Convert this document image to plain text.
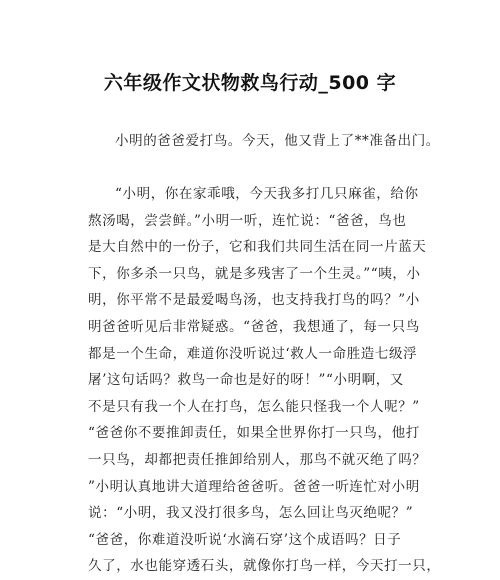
六年级作文状物救鸟行动_500 字
小明的爸爸爱打鸟。今天，他又背上了**准备出门。
“小明，你在家乖哦，今天我多打几只麻雀，给你
熬汤喝，尝尝鲜。”小明一听，连忙说：“爸爸，鸟也
是大自然中的一份子，它和我们共同生活在同一片蓝天
下，你多杀一只鸟，就是多残害了一个生灵。”“咦，小
明，你平常不是最爱喝鸟汤，也支持我打鸟的吗？”小
明爸爸听见后非常疑惑。“爸爸，我想通了，每一只鸟
都是一个生命，难道你没听说过‘救人一命胜造七级浮
屠’这句话吗？救鸟一命也是好的呀！”“小明啊，又
不是只有我一个人在打鸟，怎么能只怪我一个人呢？”
“爸爸你不要推卸责任，如果全世界你打一只鸟，他打
一只鸟，却都把责任推卸给别人，那鸟不就灭绝了吗？
”小明认真地讲大道理给爸爸听。爸爸一听连忙对小明
说：“小明，我又没打很多鸟，怎么回让鸟灭绝呢？”
“爸爸，你难道没听说‘水滴石穿’这个成语吗？日子
久了，水也能穿透石头，就像你打鸟一样，今天打一只，
